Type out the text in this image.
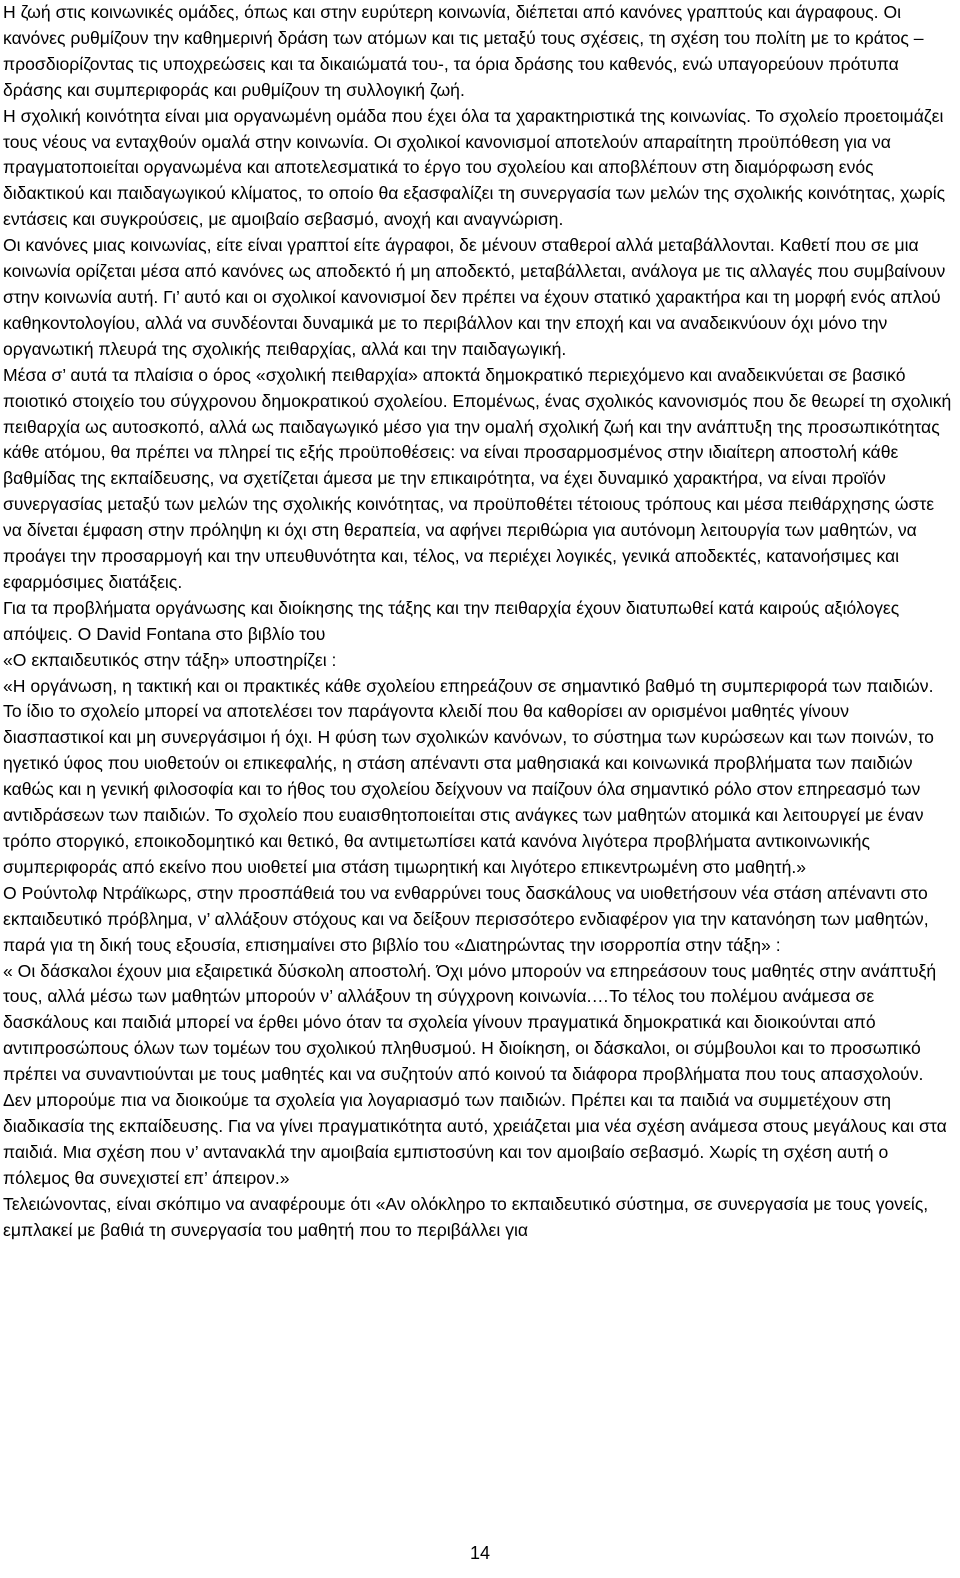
Η ζωή στις κοινωνικές ομάδες, όπως και στην ευρύτερη κοινωνία, διέπεται από κανόνες γραπτούς και άγραφους. Οι κανόνες ρυθμίζουν την καθημερινή δράση των ατόμων και τις μεταξύ τους σχέσεις, τη σχέση του πολίτη με το κράτος –προσδιορίζοντας τις υποχρεώσεις και τα δικαιώματά του-, τα όρια δράσης του καθενός, ενώ υπαγορεύουν πρότυπα δράσης και συμπεριφοράς και ρυθμίζουν τη συλλογική ζωή.

Η σχολική κοινότητα είναι μια οργανωμένη ομάδα που έχει όλα τα χαρακτηριστικά της κοινωνίας. Το σχολείο προετοιμάζει τους νέους να ενταχθούν ομαλά στην κοινωνία. Οι σχολικοί κανονισμοί αποτελούν απαραίτητη προϋπόθεση για να πραγματοποιείται οργανωμένα και αποτελεσματικά το έργο του σχολείου και αποβλέπουν στη διαμόρφωση ενός διδακτικού και παιδαγωγικού κλίματος, το οποίο θα εξασφαλίζει τη συνεργασία των μελών της σχολικής κοινότητας, χωρίς εντάσεις και συγκρούσεις, με αμοιβαίο σεβασμό, ανοχή και αναγνώριση.

Οι κανόνες μιας κοινωνίας, είτε είναι γραπτοί είτε άγραφοι, δε μένουν σταθεροί αλλά μεταβάλλονται. Καθετί που σε μια κοινωνία ορίζεται μέσα από κανόνες ως αποδεκτό ή μη αποδεκτό, μεταβάλλεται, ανάλογα με τις αλλαγές που συμβαίνουν στην κοινωνία αυτή. Γι’ αυτό και οι σχολικοί κανονισμοί δεν πρέπει να έχουν στατικό χαρακτήρα και τη μορφή ενός απλού καθηκοντολογίου, αλλά να συνδέονται δυναμικά με το περιβάλλον και την εποχή και να αναδεικνύουν όχι μόνο την οργανωτική πλευρά της σχολικής πειθαρχίας, αλλά και την παιδαγωγική.

Μέσα σ’ αυτά τα πλαίσια ο όρος «σχολική πειθαρχία» αποκτά δημοκρατικό περιεχόμενο και αναδεικνύεται σε βασικό ποιοτικό στοιχείο του σύγχρονου δημοκρατικού σχολείου. Επομένως, ένας σχολικός κανονισμός που δε θεωρεί τη σχολική πειθαρχία ως αυτοσκοπό, αλλά ως παιδαγωγικό μέσο για την ομαλή σχολική ζωή και την ανάπτυξη της προσωπικότητας κάθε ατόμου, θα πρέπει να πληρεί τις εξής προϋποθέσεις: να είναι προσαρμοσμένος στην ιδιαίτερη αποστολή κάθε βαθμίδας της εκπαίδευσης, να σχετίζεται άμεσα με την επικαιρότητα, να έχει δυναμικό χαρακτήρα, να είναι προϊόν συνεργασίας μεταξύ των μελών της σχολικής κοινότητας, να προϋποθέτει τέτοιους τρόπους και μέσα πειθάρχησης ώστε να δίνεται έμφαση στην πρόληψη κι όχι στη θεραπεία, να αφήνει περιθώρια για αυτόνομη λειτουργία των μαθητών, να προάγει την προσαρμογή και την υπευθυνότητα και, τέλος, να περιέχει λογικές, γενικά αποδεκτές, κατανοήσιμες και εφαρμόσιμες διατάξεις.

Για τα προβλήματα οργάνωσης και διοίκησης της τάξης και την πειθαρχία έχουν διατυπωθεί κατά καιρούς αξιόλογες απόψεις. Ο David Fontana στο βιβλίο του

«Ο εκπαιδευτικός στην τάξη» υποστηρίζει :

«Η οργάνωση, η τακτική και οι πρακτικές κάθε σχολείου επηρεάζουν σε σημαντικό βαθμό τη συμπεριφορά των παιδιών. Το ίδιο το σχολείο μπορεί να αποτελέσει τον παράγοντα κλειδί που θα καθορίσει αν ορισμένοι μαθητές γίνουν διασπαστικοί και μη συνεργάσιμοι ή όχι. Η φύση των σχολικών κανόνων, το σύστημα των κυρώσεων και των ποινών, το ηγετικό ύφος που υιοθετούν οι επικεφαλής, η στάση απέναντι στα μαθησιακά και κοινωνικά προβλήματα των παιδιών καθώς και η γενική φιλοσοφία και το ήθος του σχολείου δείχνουν να παίζουν όλα σημαντικό ρόλο στον επηρεασμό των αντιδράσεων των παιδιών. Το σχολείο που ευαισθητοποιείται στις ανάγκες των μαθητών ατομικά και λειτουργεί με έναν τρόπο στοργικό, εποικοδομητικό και θετικό, θα αντιμετωπίσει κατά κανόνα λιγότερα προβλήματα αντικοινωνικής συμπεριφοράς από εκείνο που υιοθετεί μια στάση τιμωρητική και λιγότερο επικεντρωμένη στο μαθητή.»

Ο Ρούντολφ Ντράϊκωρς, στην προσπάθειά του να ενθαρρύνει τους δασκάλους να υιοθετήσουν νέα στάση απέναντι στο εκπαιδευτικό πρόβλημα, ν’ αλλάξουν στόχους και να δείξουν περισσότερο ενδιαφέρον για την κατανόηση των μαθητών, παρά για τη δική τους εξουσία, επισημαίνει στο βιβλίο του «Διατηρώντας την ισορροπία στην τάξη» :

« Οι δάσκαλοι έχουν μια εξαιρετικά δύσκολη αποστολή. Όχι μόνο μπορούν να επηρεάσουν τους μαθητές στην ανάπτυξή τους, αλλά μέσω των μαθητών μπορούν ν’ αλλάξουν τη σύγχρονη κοινωνία.…Το τέλος του πολέμου ανάμεσα σε δασκάλους και παιδιά μπορεί να έρθει μόνο όταν τα σχολεία γίνουν πραγματικά δημοκρατικά και διοικούνται από αντιπροσώπους όλων των τομέων του σχολικού πληθυσμού. Η διοίκηση, οι δάσκαλοι, οι σύμβουλοι και το προσωπικό πρέπει να συναντιούνται με τους μαθητές και να συζητούν από κοινού τα διάφορα προβλήματα που τους απασχολούν. Δεν μπορούμε πια να διοικούμε τα σχολεία για λογαριασμό των παιδιών. Πρέπει και τα παιδιά να συμμετέχουν στη διαδικασία της εκπαίδευσης. Για να γίνει πραγματικότητα αυτό, χρειάζεται μια νέα σχέση ανάμεσα στους μεγάλους και στα παιδιά. Μια σχέση που ν’ αντανακλά την αμοιβαία εμπιστοσύνη και τον αμοιβαίο σεβασμό. Χωρίς τη σχέση αυτή ο πόλεμος θα συνεχιστεί επ’ άπειρον.»

Τελειώνοντας, είναι σκόπιμο να αναφέρουμε ότι «Αν ολόκληρο το εκπαιδευτικό σύστημα, σε συνεργασία με τους γονείς, εμπλακεί με βαθιά τη συνεργασία του μαθητή που το περιβάλλει για

14
